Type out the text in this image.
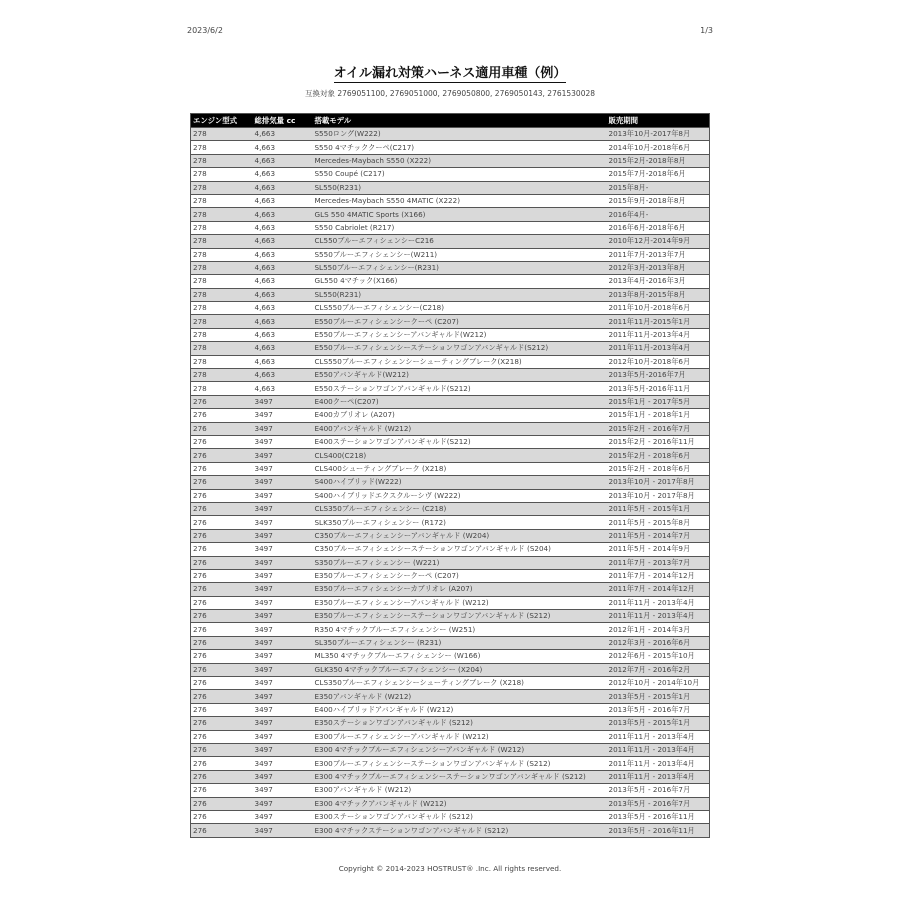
2023/6/2	1/3
オイル漏れ対策ハーネス適用車種（例）
互換対象 2769051100, 2769051000, 2769050800, 2769050143, 2761530028
エンジン型式	総排気量 cc	搭載モデル	販売期間
278	4,663	S550ロング(W222)	2013年10月-2017年8月
278	4,663	S550 4マチッククーペ(C217)	2014年10月-2018年6月
278	4,663	Mercedes-Maybach S550 (X222)	2015年2月-2018年8月
278	4,663	S550 Coupé (C217)	2015年7月-2018年6月
278	4,663	SL550(R231)	2015年8月-
278	4,663	Mercedes-Maybach S550 4MATIC (X222)	2015年9月-2018年8月
278	4,663	GLS 550 4MATIC Sports (X166)	2016年4月-
278	4,663	S550 Cabriolet (R217)	2016年6月-2018年6月
278	4,663	CL550ブルーエフィシェンシーC216	2010年12月-2014年9月
278	4,663	S550ブルーエフィシェンシー(W211)	2011年7月-2013年7月
278	4,663	SL550ブルーエフィシェンシー(R231)	2012年3月-2013年8月
278	4,663	GL550 4マチック(X166)	2013年4月-2016年3月
278	4,663	SL550(R231)	2013年8月-2015年8月
278	4,663	CLS550ブルーエフィシェンシー(C218)	2011年10月-2018年6月
278	4,663	E550ブルーエフィシェンシークーペ (C207)	2011年11月-2015年1月
278	4,663	E550ブルーエフィシェンシーアバンギャルド(W212)	2011年11月-2013年4月
278	4,663	E550ブルーエフィシェンシーステーションワゴンアバンギャルド(S212)	2011年11月-2013年4月
278	4,663	CLS550ブルーエフィシェンシーシューティングブレーク(X218)	2012年10月-2018年6月
278	4,663	E550アバンギャルド(W212)	2013年5月-2016年7月
278	4,663	E550ステーションワゴンアバンギャルド(S212)	2013年5月-2016年11月
276	3497	E400クーペ(C207)	2015年1月 - 2017年5月
276	3497	E400カブリオレ (A207)	2015年1月 - 2018年1月
276	3497	E400アバンギャルド (W212)	2015年2月 - 2016年7月
276	3497	E400ステーションワゴンアバンギャルド(S212)	2015年2月 - 2016年11月
276	3497	CLS400(C218)	2015年2月 - 2018年6月
276	3497	CLS400シューティングブレーク (X218)	2015年2月 - 2018年6月
276	3497	S400ハイブリッド(W222)	2013年10月 - 2017年8月
276	3497	S400ハイブリッドエクスクルーシヴ (W222)	2013年10月 - 2017年8月
276	3497	CLS350ブルーエフィシェンシー (C218)	2011年5月 - 2015年1月
276	3497	SLK350ブルーエフィシェンシー (R172)	2011年5月 - 2015年8月
276	3497	C350ブルーエフィシェンシーアバンギャルド (W204)	2011年5月 - 2014年7月
276	3497	C350ブルーエフィシェンシーステーションワゴンアバンギャルド (S204)	2011年5月 - 2014年9月
276	3497	S350ブルーエフィシェンシー (W221)	2011年7月 - 2013年7月
276	3497	E350ブルーエフィシェンシークーペ (C207)	2011年7月 - 2014年12月
276	3497	E350ブルーエフィシェンシーカブリオレ (A207)	2011年7月 - 2014年12月
276	3497	E350ブルーエフィシェンシーアバンギャルド (W212)	2011年11月 - 2013年4月
276	3497	E350ブルーエフィシェンシーステーションワゴンアバンギャルド (S212)	2011年11月 - 2013年4月
276	3497	R350 4マチックブルーエフィシェンシー (W251)	2012年1月 - 2014年3月
276	3497	SL350ブルーエフィシェンシー (R231)	2012年3月 - 2016年6月
276	3497	ML350 4マチックブルーエフィシェンシー (W166)	2012年6月 - 2015年10月
276	3497	GLK350 4マチックブルーエフィシェンシー (X204)	2012年7月 - 2016年2月
276	3497	CLS350ブルーエフィシェンシーシューティングブレーク (X218)	2012年10月 - 2014年10月
276	3497	E350アバンギャルド (W212)	2013年5月 - 2015年1月
276	3497	E400ハイブリッドアバンギャルド (W212)	2013年5月 - 2016年7月
276	3497	E350ステーションワゴンアバンギャルド (S212)	2013年5月 - 2015年1月
276	3497	E300ブルーエフィシェンシーアバンギャルド (W212)	2011年11月 - 2013年4月
276	3497	E300 4マチックブルーエフィシェンシーアバンギャルド (W212)	2011年11月 - 2013年4月
276	3497	E300ブルーエフィシェンシーステーションワゴンアバンギャルド (S212)	2011年11月 - 2013年4月
276	3497	E300 4マチックブルーエフィシェンシーステーションワゴンアバンギャルド (S212)	2011年11月 - 2013年4月
276	3497	E300アバンギャルド (W212)	2013年5月 - 2016年7月
276	3497	E300 4マチックアバンギャルド (W212)	2013年5月 - 2016年7月
276	3497	E300ステーションワゴンアバンギャルド (S212)	2013年5月 - 2016年11月
276	3497	E300 4マチックステーションワゴンアバンギャルド (S212)	2013年5月 - 2016年11月
Copyright © 2014-2023 HOSTRUST® .Inc. All rights reserved.
